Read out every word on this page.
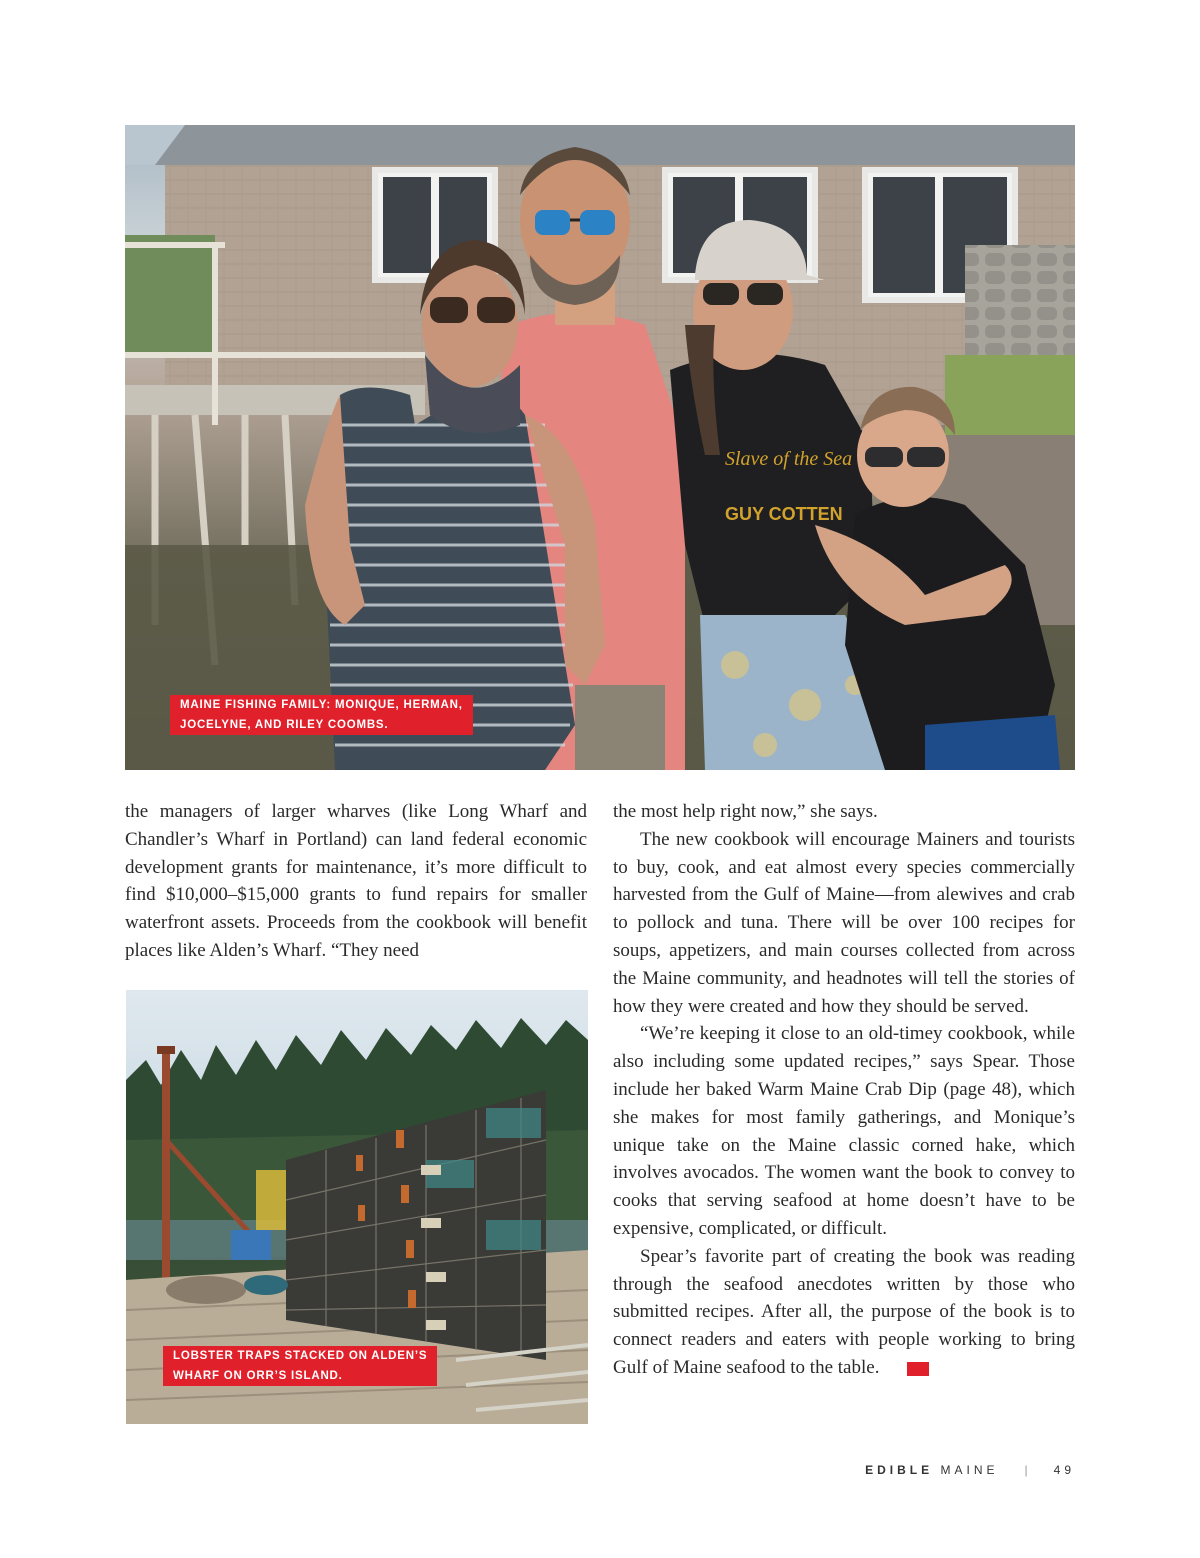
Slave of the Sea
GUY COTTEN
MAINE FISHING FAMILY: MONIQUE, HERMAN,
JOCELYNE, AND RILEY COOMBS.

the managers of larger wharves (like Long Wharf and Chandler’s Wharf in Portland) can land federal economic development grants for maintenance, it’s more difficult to find $10,000–$15,000 grants to fund repairs for smaller waterfront assets. Proceeds from the cookbook will benefit places like Alden’s Wharf. “They need

LOBSTER TRAPS STACKED ON ALDEN’S
WHARF ON ORR’S ISLAND.

the most help right now,” she says.

The new cookbook will encourage Mainers and tourists to buy, cook, and eat almost every species commercially harvested from the Gulf of Maine—from alewives and crab to pollock and tuna. There will be over 100 recipes for soups, appetizers, and main courses collected from across the Maine community, and headnotes will tell the stories of how they were created and how they should be served.

“We’re keeping it close to an old-timey cookbook, while also including some updated recipes,” says Spear. Those include her baked Warm Maine Crab Dip (page 48), which she makes for most family gatherings, and Monique’s unique take on the Maine classic corned hake, which involves avocados. The women want the book to convey to cooks that serving seafood at home doesn’t have to be expensive, complicated, or difficult.

Spear’s favorite part of creating the book was reading through the seafood anecdotes written by those who submitted recipes. After all, the purpose of the book is to connect readers and eaters with people working to bring Gulf of Maine seafood to the table.	EM

EDIBLE MAINE | 49
